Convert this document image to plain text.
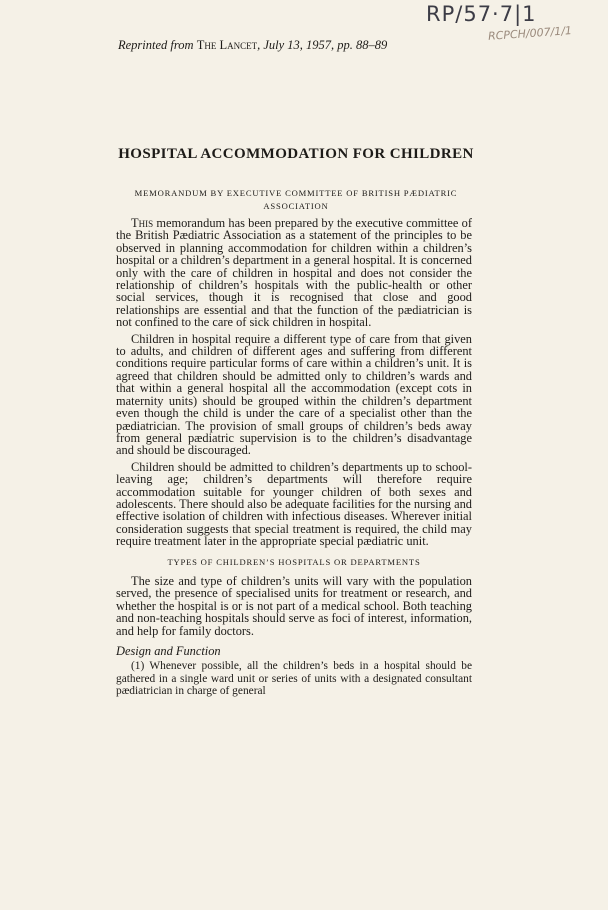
RP/57·7|1
RCPCH/007/1/1
Reprinted from The Lancet, July 13, 1957, pp. 88–89
HOSPITAL ACCOMMODATION FOR CHILDREN
MEMORANDUM BY EXECUTIVE COMMITTEE OF BRITISH PÆDIATRIC ASSOCIATION

This memorandum has been prepared by the executive committee of the British Pædiatric Association as a statement of the principles to be observed in planning accommodation for children within a children’s hospital or a children’s department in a general hospital. It is concerned only with the care of children in hospital and does not consider the relationship of children’s hospitals with the public-health or other social services, though it is recognised that close and good relationships are essential and that the function of the pædiatrician is not confined to the care of sick children in hospital.

Children in hospital require a different type of care from that given to adults, and children of different ages and suffering from different conditions require particular forms of care within a children’s unit. It is agreed that children should be admitted only to children’s wards and that within a general hospital all the accommodation (except cots in maternity units) should be grouped within the children’s department even though the child is under the care of a specialist other than the pædiatrician. The provision of small groups of children’s beds away from general pædiatric supervision is to the children’s disadvantage and should be discouraged.

Children should be admitted to children’s departments up to school-leaving age; children’s departments will therefore require accommodation suitable for younger children of both sexes and adolescents. There should also be adequate facilities for the nursing and effective isolation of children with infectious diseases. Wherever initial consideration suggests that special treatment is required, the child may require treatment later in the appropriate special pædiatric unit.

TYPES OF CHILDREN’S HOSPITALS OR DEPARTMENTS

The size and type of children’s units will vary with the population served, the presence of specialised units for treatment or research, and whether the hospital is or is not part of a medical school. Both teaching and non-teaching hospitals should serve as foci of interest, information, and help for family doctors.

Design and Function

(1) Whenever possible, all the children’s beds in a hospital should be gathered in a single ward unit or series of units with a designated consultant pædiatrician in charge of general
